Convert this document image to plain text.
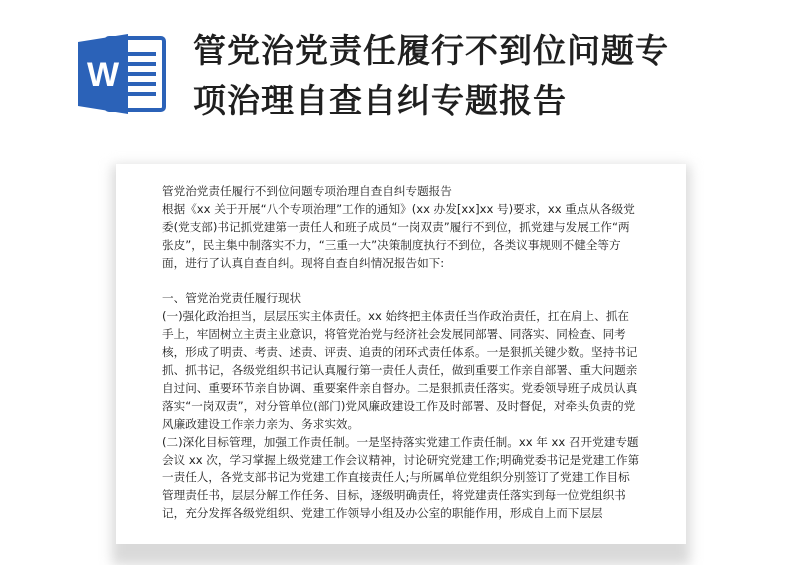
W
管党治党责任履行不到位问题专
项治理自查自纠专题报告

管党治党责任履行不到位问题专项治理自查自纠专题报告

根据《xx 关于开展“八个专项治理”工作的通知》(xx 办发[xx]xx 号)要求，xx 重点从各级党委(党支部)书记抓党建第一责任人和班子成员“一岗双责”履行不到位，抓党建与发展工作“两张皮”，民主集中制落实不力，“三重一大”决策制度执行不到位，各类议事规则不健全等方面，进行了认真自查自纠。现将自查自纠情况报告如下:

一、管党治党责任履行现状

(一)强化政治担当，层层压实主体责任。xx 始终把主体责任当作政治责任，扛在肩上、抓在手上，牢固树立主责主业意识，将管党治党与经济社会发展同部署、同落实、同检查、同考核，形成了明责、考责、述责、评责、追责的闭环式责任体系。一是狠抓关键少数。坚持书记抓、抓书记，各级党组织书记认真履行第一责任人责任，做到重要工作亲自部署、重大问题亲自过问、重要环节亲自协调、重要案件亲自督办。二是狠抓责任落实。党委领导班子成员认真落实“一岗双责”，对分管单位(部门)党风廉政建设工作及时部署、及时督促，对牵头负责的党风廉政建设工作亲力亲为、务求实效。

(二)深化目标管理，加强工作责任制。一是坚持落实党建工作责任制。xx 年 xx 召开党建专题会议 xx 次，学习掌握上级党建工作会议精神，讨论研究党建工作;明确党委书记是党建工作第一责任人，各党支部书记为党建工作直接责任人;与所属单位党组织分别签订了党建工作目标管理责任书，层层分解工作任务、目标，逐级明确责任，将党建责任落实到每一位党组织书记，充分发挥各级党组织、党建工作领导小组及办公室的职能作用，形成自上而下层层
